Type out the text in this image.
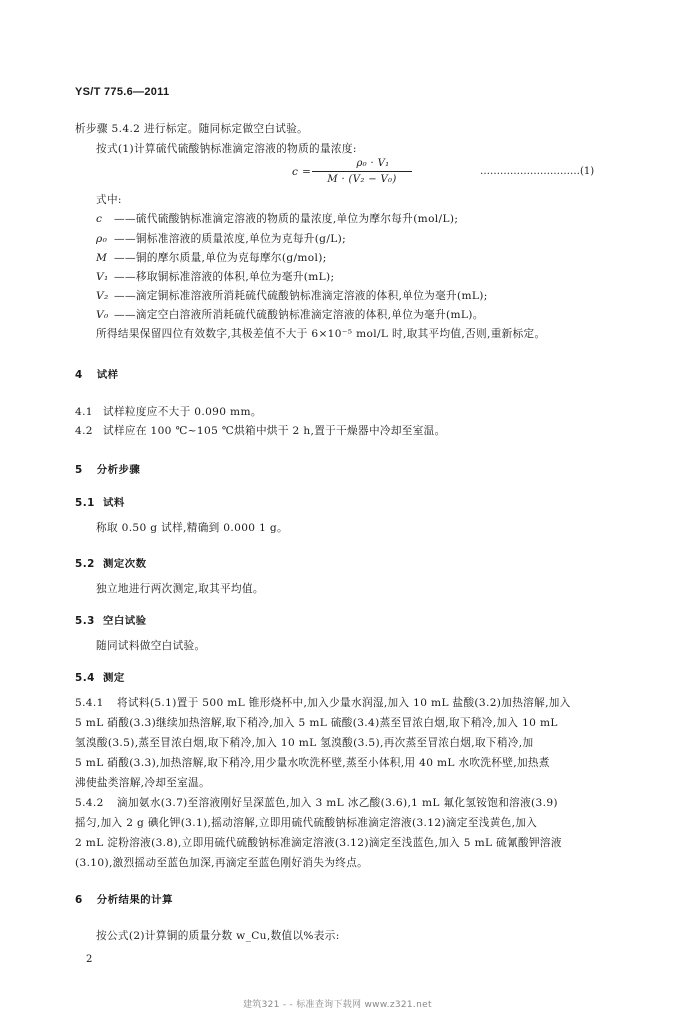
YS/T 775.6—2011
析步骤 5.4.2 进行标定。随同标定做空白试验。
按式(1)计算硫代硫酸钠标准滴定溶液的物质的量浓度:
c =
ρ₀ · V₁
M · (V₂ − V₀)
…………………………(1)
式中:
c ——硫代硫酸钠标准滴定溶液的物质的量浓度,单位为摩尔每升(mol/L);
ρ₀ ——铜标准溶液的质量浓度,单位为克每升(g/L);
M ——铜的摩尔质量,单位为克每摩尔(g/mol);
V₁ ——移取铜标准溶液的体积,单位为毫升(mL);
V₂ ——滴定铜标准溶液所消耗硫代硫酸钠标准滴定溶液的体积,单位为毫升(mL);
V₀ ——滴定空白溶液所消耗硫代硫酸钠标准滴定溶液的体积,单位为毫升(mL)。
所得结果保留四位有效数字,其极差值不大于 6×10⁻⁵ mol/L 时,取其平均值,否则,重新标定。
4 试样
4.1 试样粒度应不大于 0.090 mm。
4.2 试样应在 100 ℃~105 ℃烘箱中烘干 2 h,置于干燥器中冷却至室温。
5 分析步骤
5.1 试料
称取 0.50 g 试样,精确到 0.000 1 g。
5.2 测定次数
独立地进行两次测定,取其平均值。
5.3 空白试验
随同试料做空白试验。
5.4 测定
5.4.1 将试料(5.1)置于 500 mL 锥形烧杯中,加入少量水润湿,加入 10 mL 盐酸(3.2)加热溶解,加入
5 mL 硝酸(3.3)继续加热溶解,取下稍冷,加入 5 mL 硫酸(3.4)蒸至冒浓白烟,取下稍冷,加入 10 mL
氢溴酸(3.5),蒸至冒浓白烟,取下稍冷,加入 10 mL 氢溴酸(3.5),再次蒸至冒浓白烟,取下稍冷,加
5 mL 硝酸(3.3),加热溶解,取下稍冷,用少量水吹洗杯壁,蒸至小体积,用 40 mL 水吹洗杯壁,加热煮
沸使盐类溶解,冷却至室温。
5.4.2 滴加氨水(3.7)至溶液刚好呈深蓝色,加入 3 mL 冰乙酸(3.6),1 mL 氟化氢铵饱和溶液(3.9)
摇匀,加入 2 g 碘化钾(3.1),摇动溶解,立即用硫代硫酸钠标准滴定溶液(3.12)滴定至浅黄色,加入
2 mL 淀粉溶液(3.8),立即用硫代硫酸钠标准滴定溶液(3.12)滴定至浅蓝色,加入 5 mL 硫氰酸钾溶液
(3.10),激烈摇动至蓝色加深,再滴定至蓝色刚好消失为终点。
6 分析结果的计算
按公式(2)计算铜的质量分数 w_Cu,数值以%表示:
2
建筑321 - - 标准查询下载网 www.z321.net
